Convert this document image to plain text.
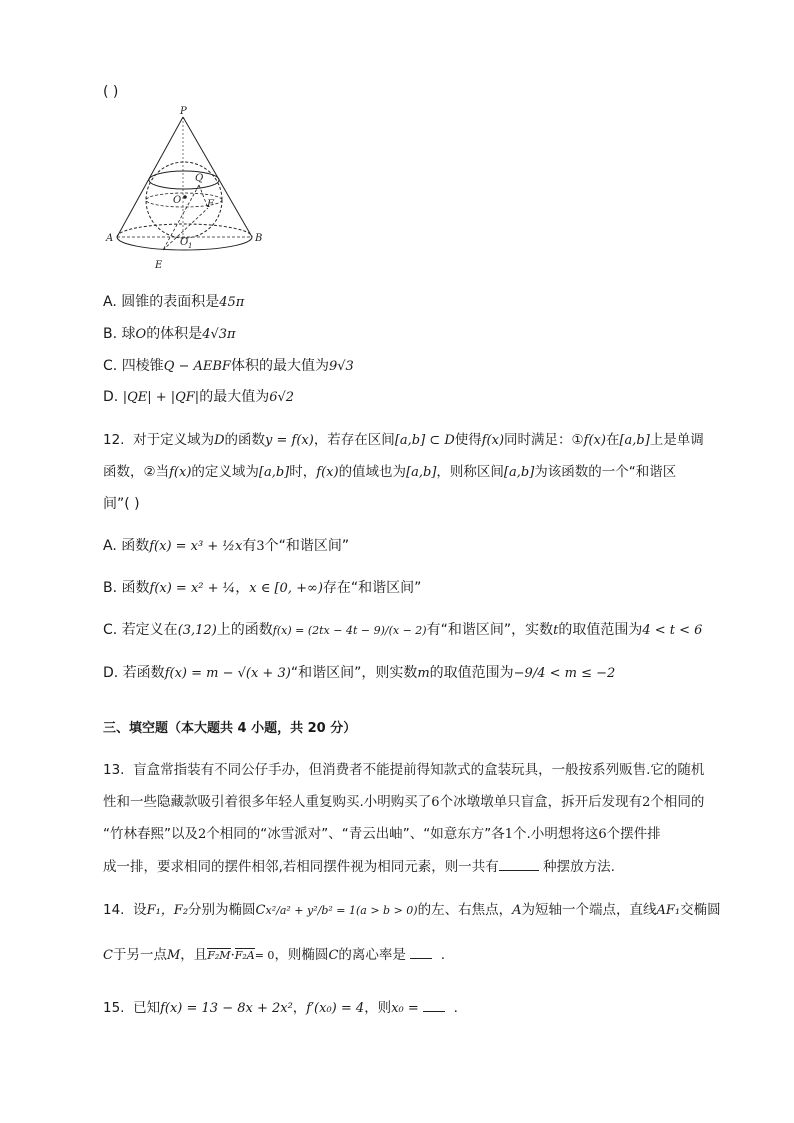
( )
P
Q
O	F
A	B
O 1
E
A. 圆锥的表面积是45π
B. 球O的体积是4√3π
C. 四棱锥Q − AEBF体积的最大值为9√3
D. |QE| + |QF|的最大值为6√2
12. 对于定义域为D的函数y = f(x)，若存在区间[a,b] ⊂ D使得f(x)同时满足：①f(x)在[a,b]上是单调
函数，②当f(x)的定义域为[a,b]时，f(x)的值域也为[a,b]，则称区间[a,b]为该函数的一个“和谐区
间”( )
A. 函数f(x) = x³ + ½x有3个“和谐区间”
B. 函数f(x) = x² + ¼，x ∈ [0, +∞)存在“和谐区间”
C. 若定义在(3,12)上的函数f(x) = (2tx − 4t − 9)/(x − 2)有“和谐区间”，实数t的取值范围为4 < t < 6
D. 若函数f(x) = m − √(x + 3)“和谐区间”，则实数m的取值范围为−9/4 < m ≤ −2
三、填空题（本大题共 4 小题，共 20 分）
13. 盲盒常指装有不同公仔手办，但消费者不能提前得知款式的盒装玩具，一般按系列贩售.它的随机
性和一些隐藏款吸引着很多年轻人重复购买.小明购买了6个冰墩墩单只盲盒，拆开后发现有2个相同的
“竹林春熙”以及2个相同的“冰雪派对”、“青云出岫”、“如意东方”各1个.小明想将这6个摆件排
成一排，要求相同的摆件相邻,若相同摆件视为相同元素，则一共有	种摆放方法.
14. 设F₁，F₂分别为椭圆Cx²/a² + y²/b² = 1(a > b > 0)的左、右焦点，A为短轴一个端点，直线AF₁交椭圆
C于另一点M，且F₂M·F₂A= 0，则椭圆C的离心率是	.
15. 已知f(x) = 13 − 8x + 2x²，f′(x₀) = 4，则x₀ =	.
